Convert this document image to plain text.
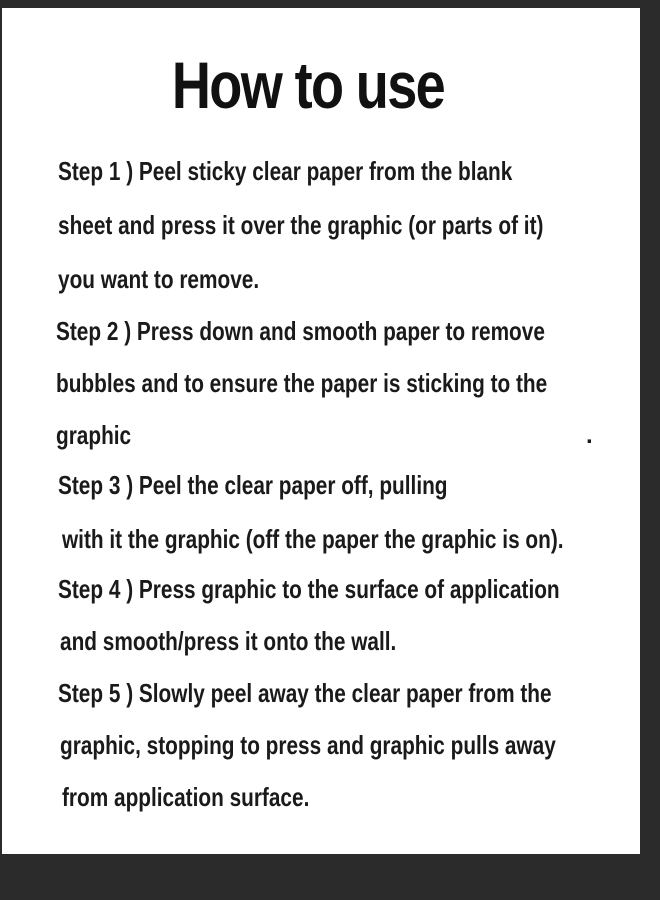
How to use
Step 1 ) Peel sticky clear paper from the blank
sheet and press it over the graphic (or parts of it)
you want to remove.
Step 2 ) Press down and smooth paper to remove
bubbles and to ensure the paper is sticking to the
graphic	.
Step 3 ) Peel the clear paper off, pulling
with it the graphic (off the paper the graphic is on).
Step 4 ) Press graphic to the surface of application
and smooth/press it onto the wall.
Step 5 ) Slowly peel away the clear paper from the
graphic, stopping to press and graphic pulls away
from application surface.
